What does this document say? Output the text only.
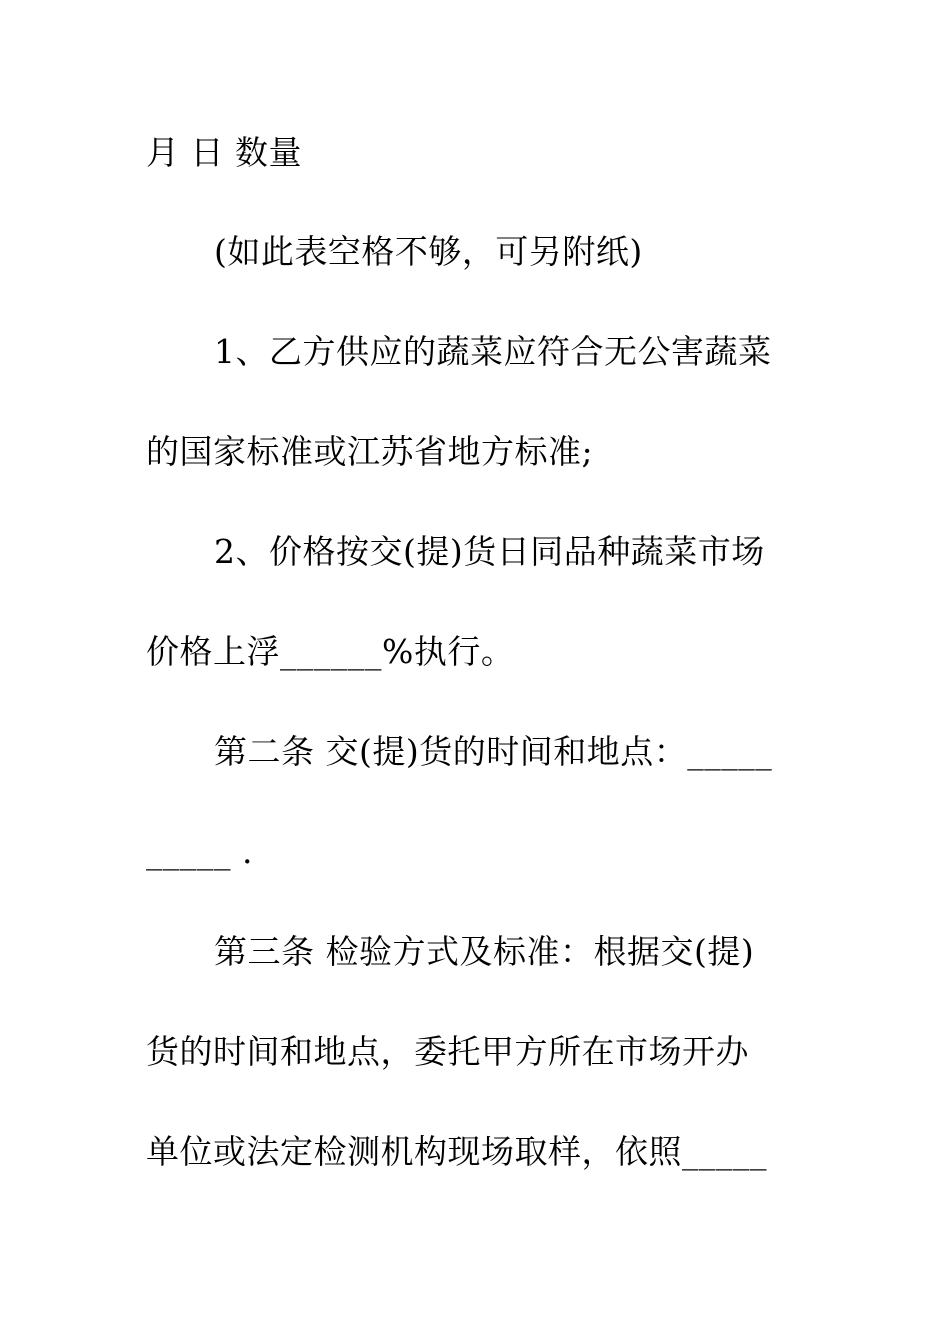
月 日 数量
(如此表空格不够，可另附纸)
1、乙方供应的蔬菜应符合无公害蔬菜
的国家标准或江苏省地方标准;
2、价格按交(提)货日同品种蔬菜市场
价格上浮______%执行。
第二条 交(提)货的时间和地点：_____
_____ .
第三条 检验方式及标准：根据交(提)
货的时间和地点，委托甲方所在市场开办
单位或法定检测机构现场取样，依照_____
